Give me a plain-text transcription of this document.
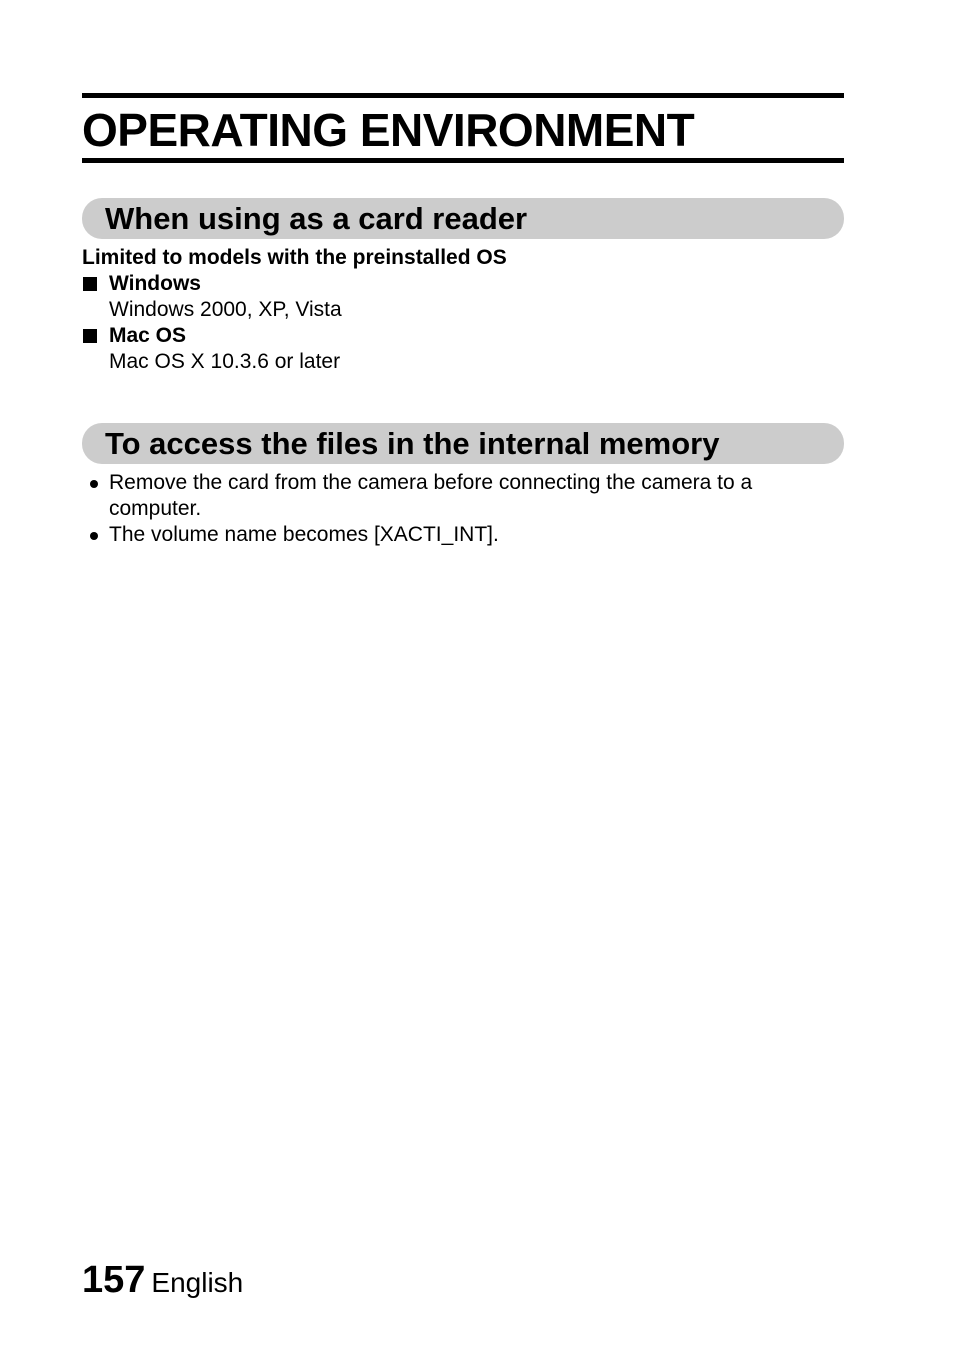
OPERATING ENVIRONMENT
When using as a card reader

Limited to models with the preinstalled OS

Windows
Windows 2000, XP, Vista
Mac OS
Mac OS X 10.3.6 or later
To access the files in the internal memory
Remove the card from the camera before connecting the camera to a computer.
The volume name becomes [XACTI_INT].
157 English
